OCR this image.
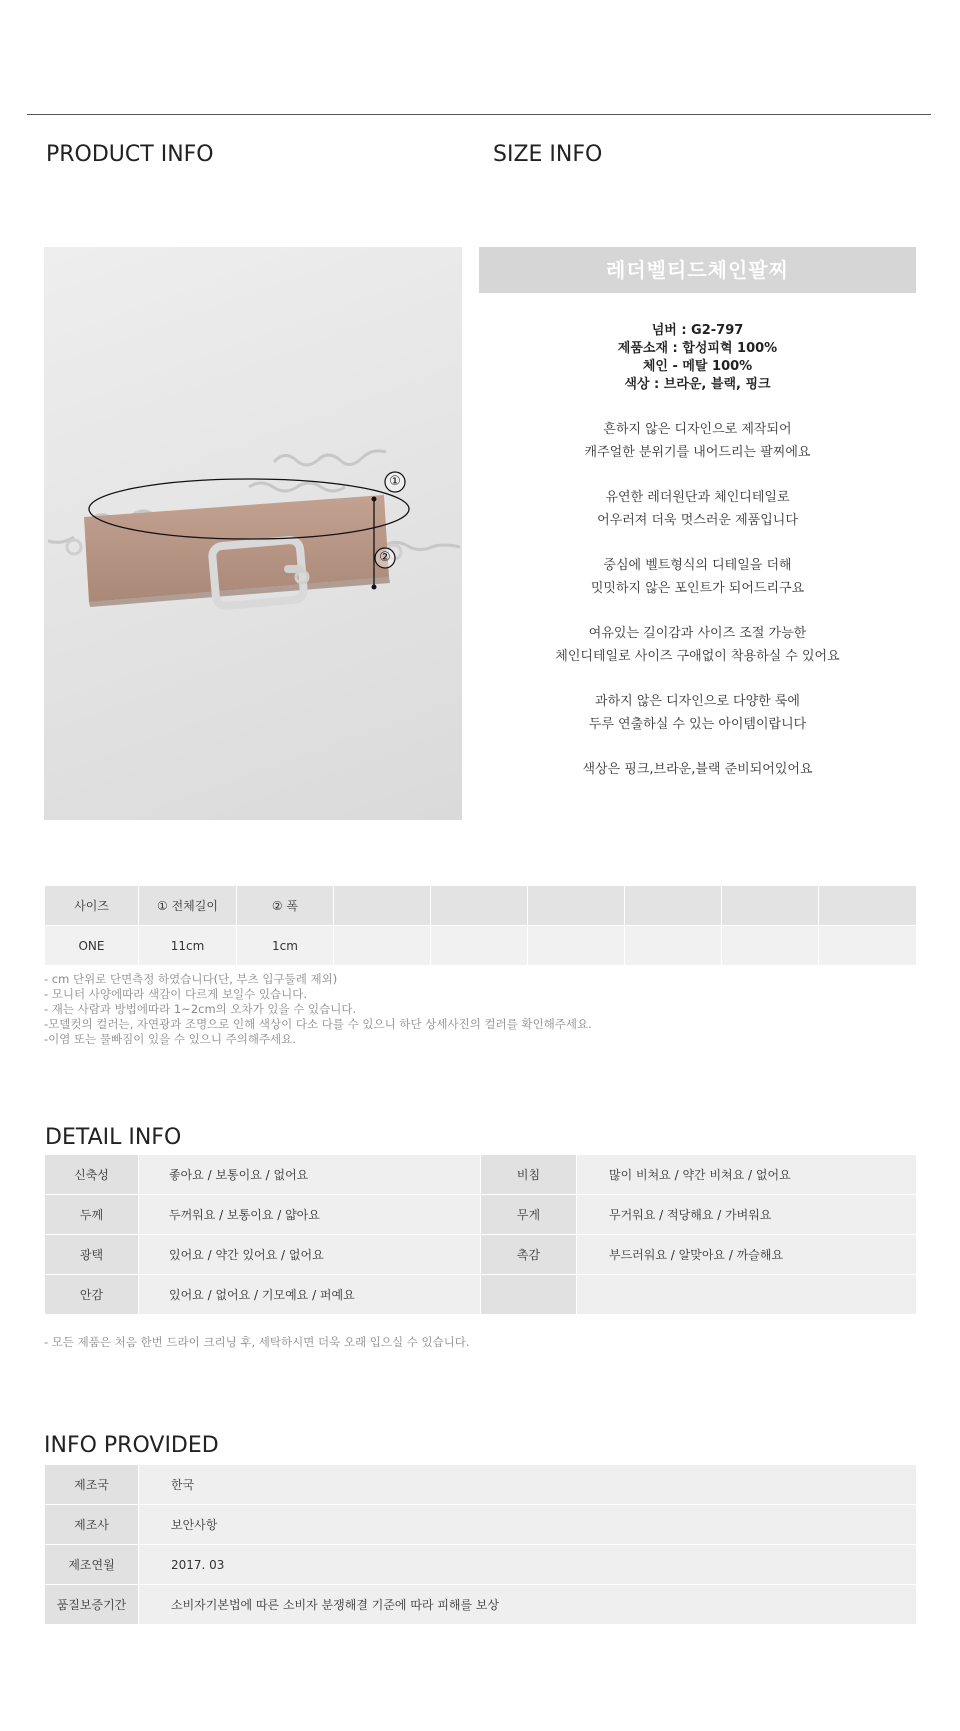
PRODUCT INFO	SIZE INFO
①
②
레더벨티드체인팔찌
넘버 : G2-797
제품소재 : 합성피혁 100%
체인 - 메탈 100%
색상 : 브라운, 블랙, 핑크
흔하지 않은 디자인으로 제작되어
캐주얼한 분위기를 내어드리는 팔찌에요
유연한 레더원단과 체인디테일로
어우러져 더욱 멋스러운 제품입니다
중심에 벨트형식의 디테일을 더해
밋밋하지 않은 포인트가 되어드리구요
여유있는 길이감과 사이즈 조절 가능한
체인디테일로 사이즈 구애없이 착용하실 수 있어요
과하지 않은 디자인으로 다양한 룩에
두루 연출하실 수 있는 아이템이랍니다
색상은 핑크,브라운,블랙 준비되어있어요
사이즈	① 전체길이	② 폭						
ONE	11cm	1cm						
- cm 단위로 단면측정 하였습니다(단, 부츠 입구둘레 제외)
- 모니터 사양에따라 색감이 다르게 보일수 있습니다.
- 재는 사람과 방법에따라 1~2cm의 오차가 있을 수 있습니다.
-모델컷의 컬러는, 자연광과 조명으로 인해 색상이 다소 다를 수 있으니 하단 상세사진의 컬러를 확인해주세요.
-이염 또는 물빠짐이 있을 수 있으니 주의해주세요.
DETAIL INFO
신축성	좋아요 / 보통이요 / 없어요	비침	많이 비쳐요 / 약간 비쳐요 / 없어요
두께	두꺼워요 / 보통이요 / 얇아요	무게	무거워요 / 적당해요 / 가벼워요
광택	있어요 / 약간 있어요 / 없어요	촉감	부드러워요 / 알맞아요 / 까슬해요
안감	있어요 / 없어요 / 기모예요 / 퍼예요		
- 모든 제품은 처음 한번 드라이 크리닝 후, 세탁하시면 더욱 오래 입으실 수 있습니다.
INFO PROVIDED
제조국	한국
제조사	보안사항
제조연월	2017. 03
품질보증기간	소비자기본법에 따른 소비자 분쟁해결 기준에 따라 피해를 보상
